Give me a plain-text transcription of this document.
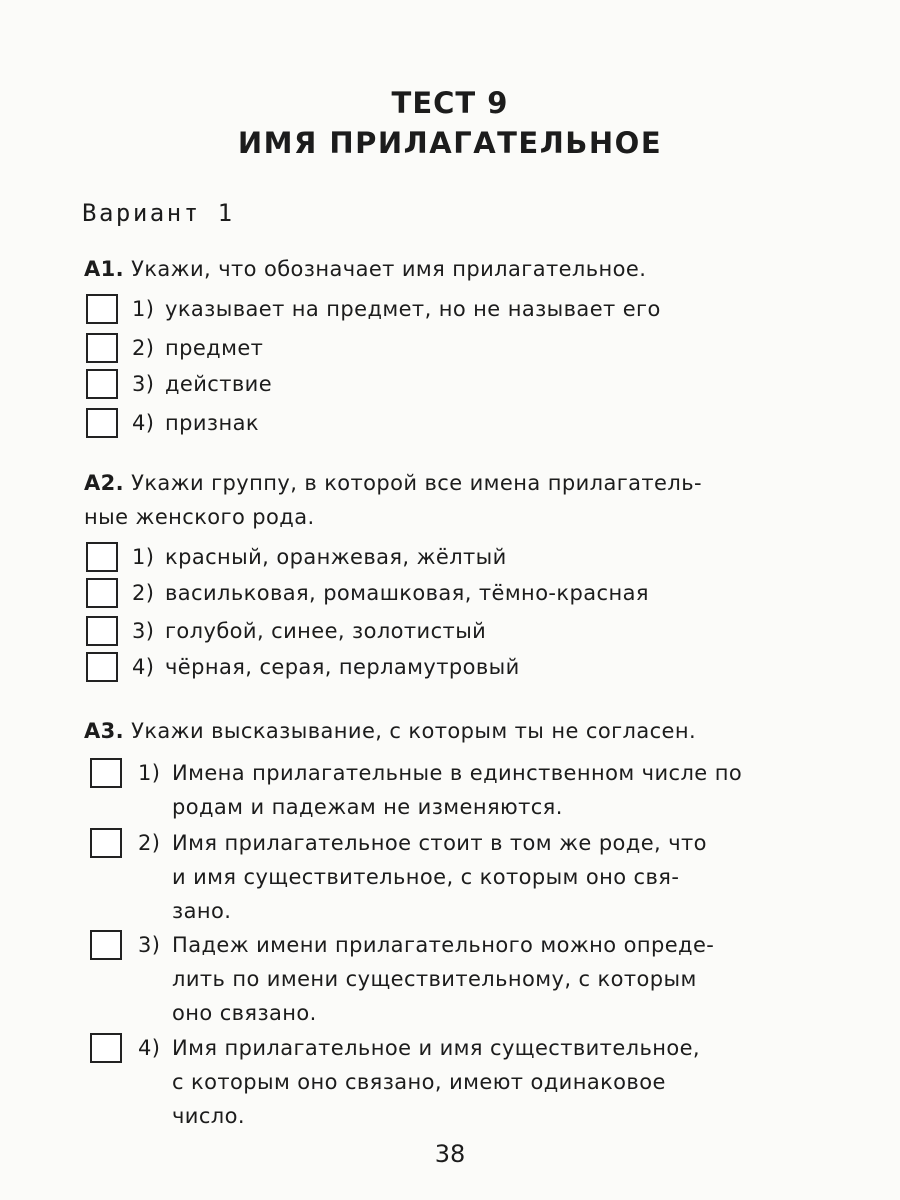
ТЕСТ 9
ИМЯ ПРИЛАГАТЕЛЬНОЕ
Вариант 1
А1. Укажи, что обозначает имя прилагательное.
1) указывает на предмет, но не называет его
2) предмет
3) действие
4) признак
А2. Укажи группу, в которой все имена прилагатель-
ные женского рода.
1) красный, оранжевая, жёлтый
2) васильковая, ромашковая, тёмно-красная
3) голубой, синее, золотистый
4) чёрная, серая, перламутровый
А3. Укажи высказывание, с которым ты не согласен.
1) Имена прилагательные в единственном числе по
родам и падежам не изменяются.
2) Имя прилагательное стоит в том же роде, что
и имя существительное, с которым оно свя-
зано.
3) Падеж имени прилагательного можно опреде-
лить по имени существительному, с которым
оно связано.
4) Имя прилагательное и имя существительное,
с которым оно связано, имеют одинаковое
число.
38
